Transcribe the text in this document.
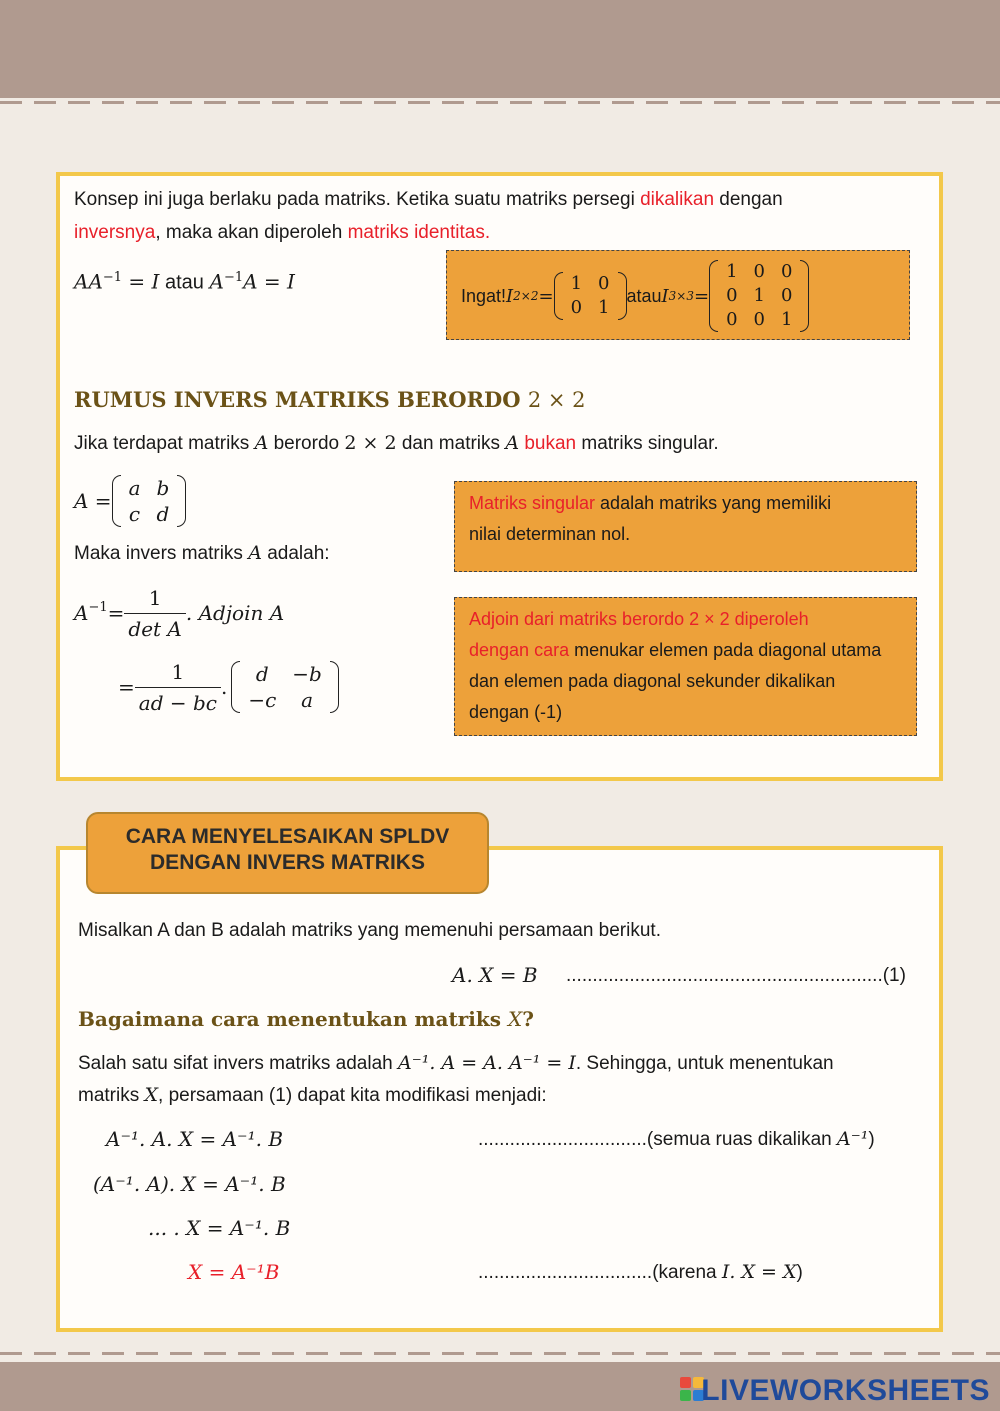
Konsep ini juga berlaku pada matriks. Ketika suatu matriks persegi dikalikan dengan
inversnya, maka akan diperoleh matriks identitas.
$AA^{-1} = I$ atau $A^{-1}A = I$
Ingat! I 2×2 =
1	0
0	1
atau I 3×3 =
1	0	0
0	1	0
0	0	1
RUMUS INVERS MATRIKS BERORDO 2 × 2
Jika terdapat matriks A berordo 2 × 2 dan matriks A bukan matriks singular.
A =
a	b
c	d
Maka invers matriks A adalah:
$A^{-1} = \frac{1}{\text{det A}}$ . Adjoin A
= $\frac{1}{ad - bc}$ .
d	−b
−c	a
Matriks singular adalah matriks yang memiliki
nilai determinan nol.
Adjoin dari matriks berordo 2 × 2 diperoleh
dengan cara menukar elemen pada diagonal utama
dan elemen pada diagonal sekunder dikalikan
dengan (-1)
CARA MENYELESAIKAN SPLDV
DENGAN INVERS MATRIKS
Misalkan A dan B adalah matriks yang memenuhi persamaan berikut.
A. X = B ............................................................(1)
Bagaimana cara menentukan matriks X?
Salah satu sifat invers matriks adalah A⁻¹. A = A. A⁻¹ = I. Sehingga, untuk menentukan
matriks X, persamaan (1) dapat kita modifikasi menjadi:
A⁻¹. A. X = A⁻¹. B	................................(semua ruas dikalikan A⁻¹)
(A⁻¹. A). X = A⁻¹. B
... . X = A⁻¹. B
X = A⁻¹B	.................................(karena I. X = X)
LIVEWORKSHEETS
